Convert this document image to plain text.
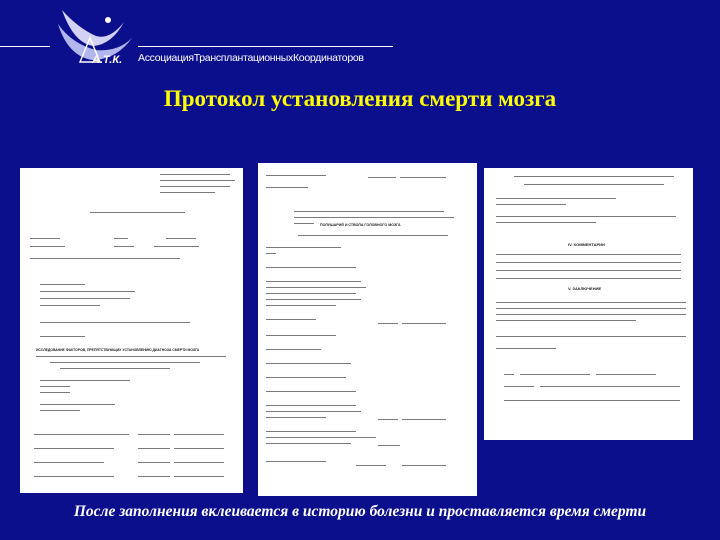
А.Т.К. АссоциацияТрансплантационныхКоординаторов
Протокол установления смерти мозга
ИССЛЕДОВАНИЕ ФАКТОРОВ, ПРЕПЯТСТВУЮЩИХ УСТАНОВЛЕНИЮ ДИАГНОЗА СМЕРТИ МОЗГА
ПОЛУШАРИЙ И СТВОЛА ГОЛОВНОГО МОЗГА
IV. КОММЕНТАРИИ
V. ЗАКЛЮЧЕНИЕ
После заполнения вклеивается в историю болезни и проставляется время смерти
